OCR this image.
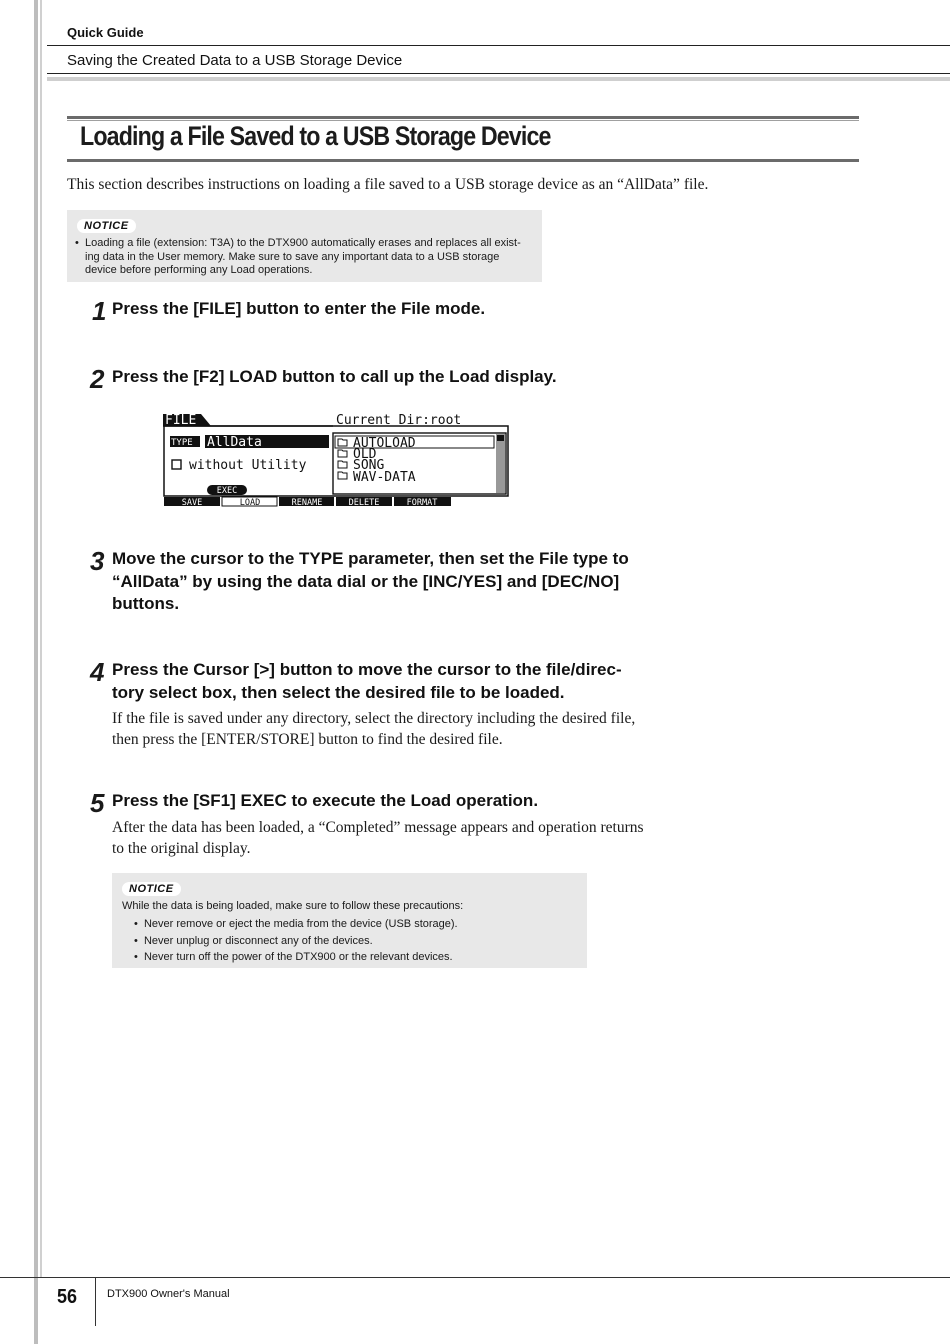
Quick Guide
Saving the Created Data to a USB Storage Device
Loading a File Saved to a USB Storage Device
This section describes instructions on loading a file saved to a USB storage device as an “AllData” file.
NOTICE
• Loading a file (extension: T3A) to the DTX900 automatically erases and replaces all exist-
ing data in the User memory. Make sure to save any important data to a USB storage
device before performing any Load operations.
1 Press the [FILE] button to enter the File mode.
2 Press the [F2] LOAD button to call up the Load display.
FILE	Current Dir:root
TYPE AllData
without Utility
EXEC
AUTOLOAD
OLD
SONG
WAV-DATA
SAVE	LOAD	RENAME	DELETE	FORMAT
3 Move the cursor to the TYPE parameter, then set the File type to
“AllData” by using the data dial or the [INC/YES] and [DEC/NO]
buttons.
4 Press the Cursor [>] button to move the cursor to the file/direc-
tory select box, then select the desired file to be loaded.
If the file is saved under any directory, select the directory including the desired file,
then press the [ENTER/STORE] button to find the desired file.
5 Press the [SF1] EXEC to execute the Load operation.
After the data has been loaded, a “Completed” message appears and operation returns
to the original display.
NOTICE
While the data is being loaded, make sure to follow these precautions:
• Never remove or eject the media from the device (USB storage).
• Never unplug or disconnect any of the devices.
• Never turn off the power of the DTX900 or the relevant devices.
56	DTX900 Owner's Manual
